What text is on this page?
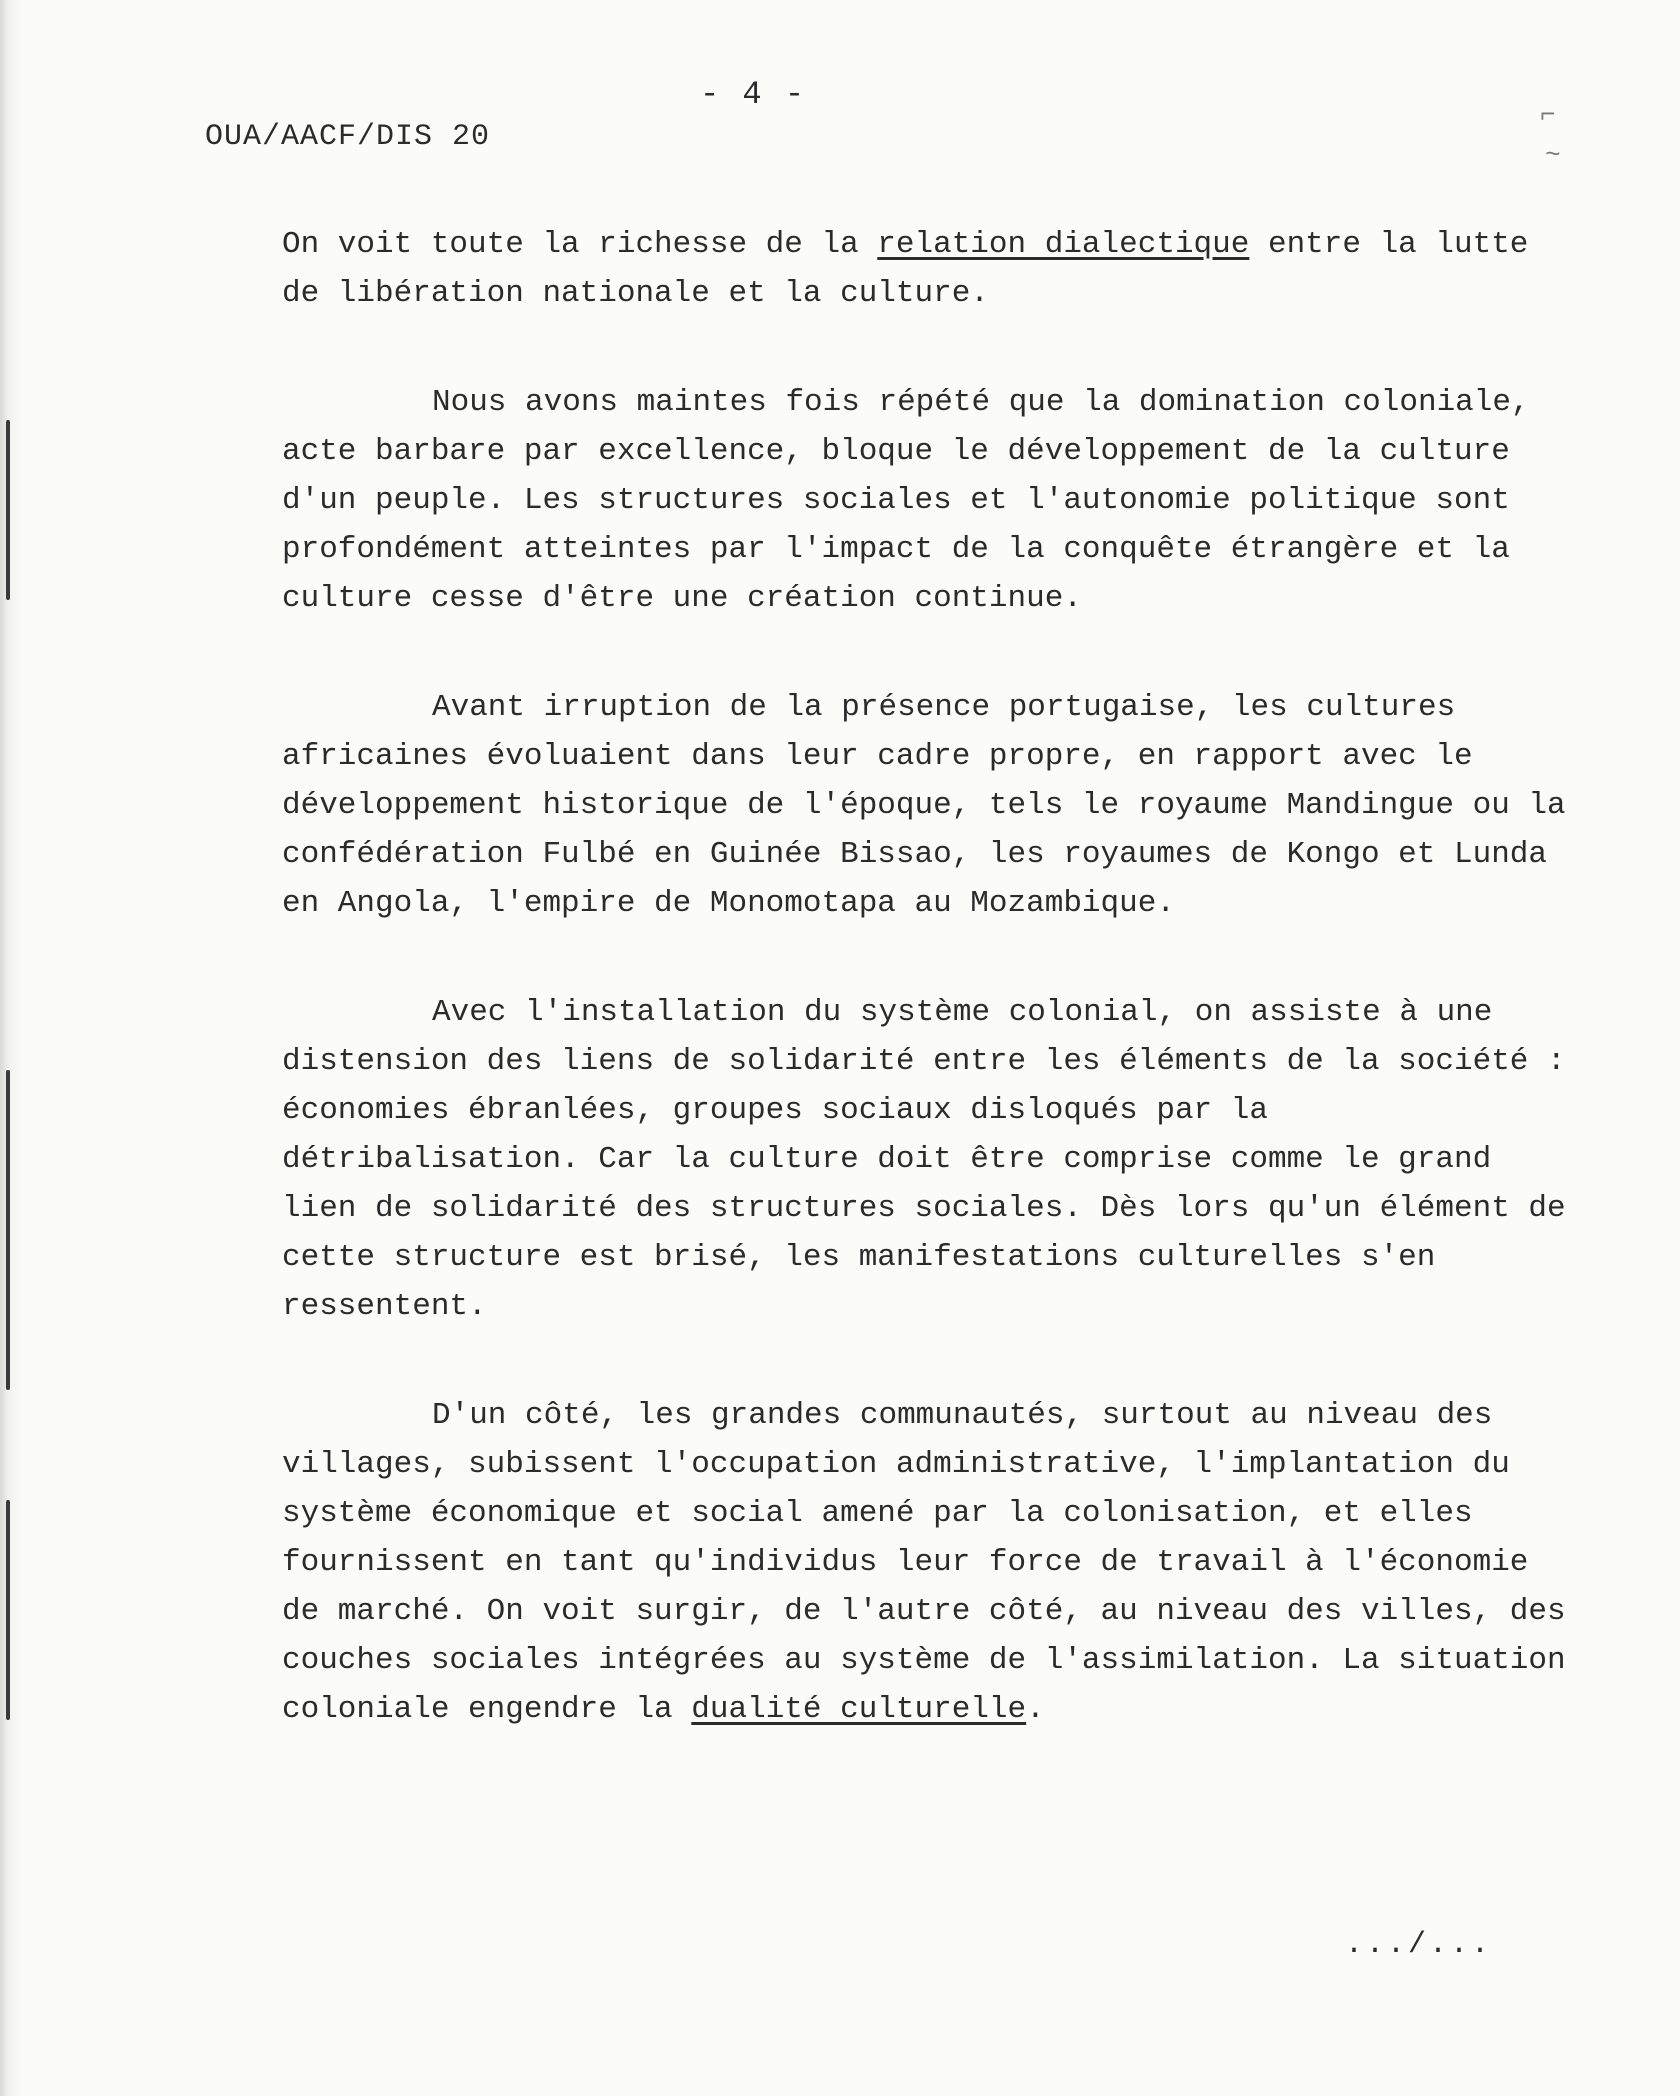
⌐
~
- 4 -
OUA/AACF/DIS 20

On voit toute la richesse de la relation dialectique entre la lutte de libération nationale et la culture.

Nous avons maintes fois répété que la domination coloniale, acte barbare par excellence, bloque le développement de la culture d'un peuple. Les structures sociales et l'autonomie politique sont profondément atteintes par l'impact de la conquête étrangère et la culture cesse d'être une création continue.

Avant irruption de la présence portugaise, les cultures africaines évoluaient dans leur cadre propre, en rapport avec le développement historique de l'époque, tels le royaume Mandingue ou la confédération Fulbé en Guinée Bissao, les royaumes de Kongo et Lunda en Angola, l'empire de Monomotapa au Mozambique.

Avec l'installation du système colonial, on assiste à une distension des liens de solidarité entre les éléments de la société : économies ébranlées, groupes sociaux disloqués par la détribalisation. Car la culture doit être comprise comme le grand lien de solidarité des structures sociales. Dès lors qu'un élément de cette structure est brisé, les manifestations culturelles s'en ressentent.

D'un côté, les grandes communautés, surtout au niveau des villages, subissent l'occupation administrative, l'implantation du système économique et social amené par la colonisation, et elles fournissent en tant qu'individus leur force de travail à l'économie de marché. On voit surgir, de l'autre côté, au niveau des villes, des couches sociales intégrées au système de l'assimilation. La situation coloniale engendre la dualité culturelle.

.../...
